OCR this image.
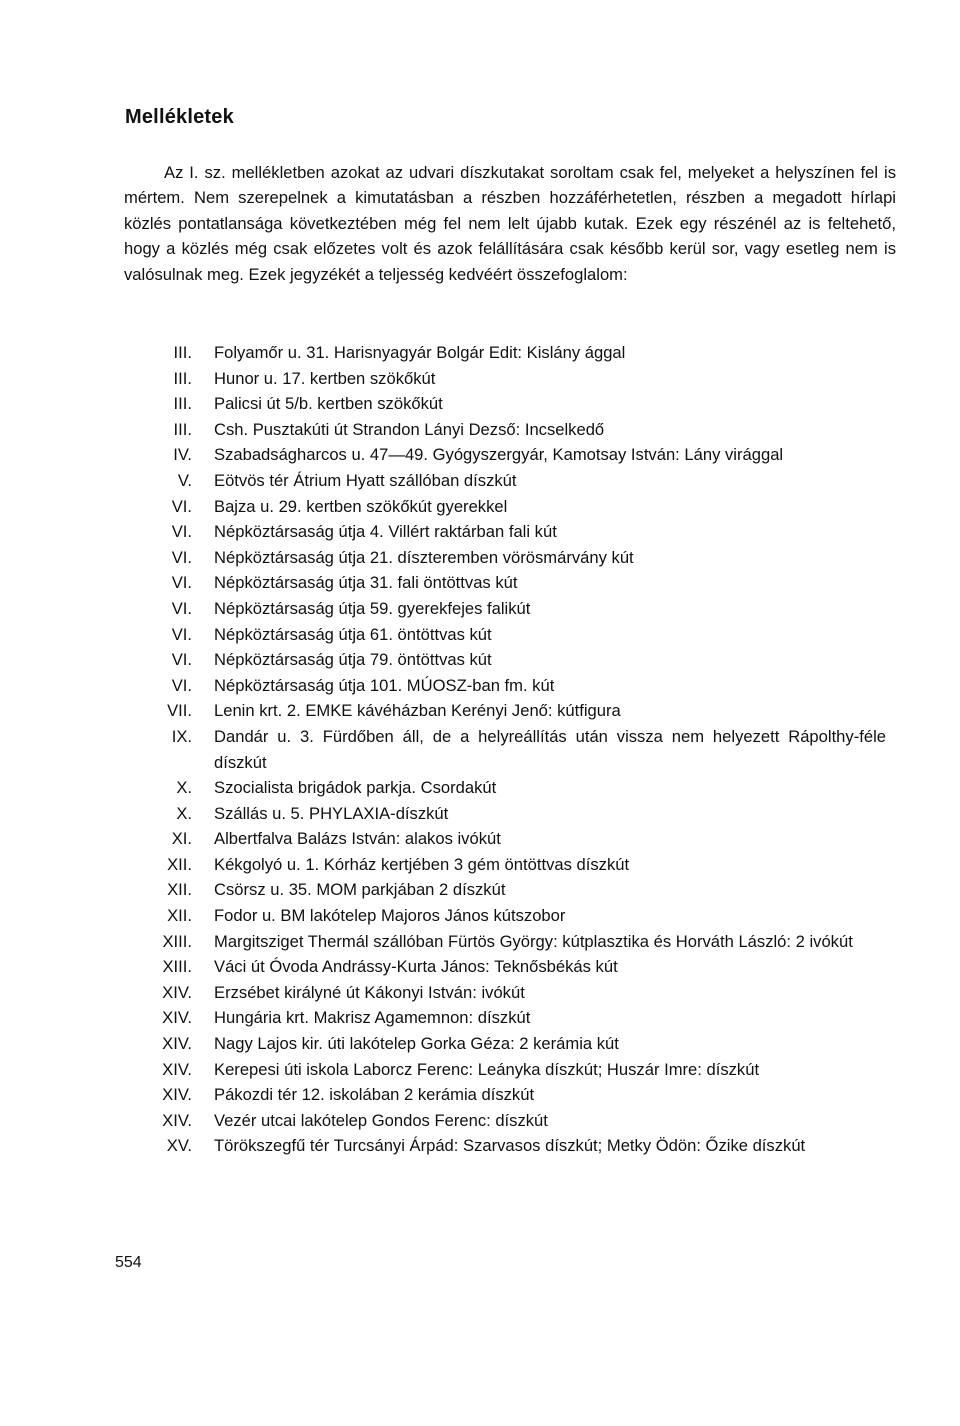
Mellékletek

Az I. sz. mellékletben azokat az udvari díszkutakat soroltam csak fel, melyeket a helyszínen fel is mértem. Nem szerepelnek a kimutatásban a részben hozzáférhetetlen, részben a megadott hírlapi közlés pontatlansága következtében még fel nem lelt újabb kutak. Ezek egy részénél az is feltehető, hogy a közlés még csak előzetes volt és azok felállítására csak később kerül sor, vagy esetleg nem is valósulnak meg. Ezek jegyzékét a teljesség kedvéért összefoglalom:

III. Folyamőr u. 31. Harisnyagyár Bolgár Edit: Kislány ággal
III. Hunor u. 17. kertben szökőkút
III. Palicsi út 5/b. kertben szökőkút
III. Csh. Pusztakúti út Strandon Lányi Dezső: Incselkedő
IV. Szabadságharcos u. 47—49. Gyógyszergyár, Kamotsay István: Lány virággal
V. Eötvös tér Átrium Hyatt szállóban díszkút
VI. Bajza u. 29. kertben szökőkút gyerekkel
VI. Népköztársaság útja 4. Villért raktárban fali kút
VI. Népköztársaság útja 21. díszteremben vörösmárvány kút
VI. Népköztársaság útja 31. fali öntöttvas kút
VI. Népköztársaság útja 59. gyerekfejes falikút
VI. Népköztársaság útja 61. öntöttvas kút
VI. Népköztársaság útja 79. öntöttvas kút
VI. Népköztársaság útja 101. MÚOSZ-ban fm. kút
VII. Lenin krt. 2. EMKE kávéházban Kerényi Jenő: kútfigura
IX. Dandár u. 3. Fürdőben áll, de a helyreállítás után vissza nem helyezett Rápolthy-féle díszkút
X. Szocialista brigádok parkja. Csordakút
X. Szállás u. 5. PHYLAXIA-díszkút
XI. Albertfalva Balázs István: alakos ivókút
XII. Kékgolyó u. 1. Kórház kertjében 3 gém öntöttvas díszkút
XII. Csörsz u. 35. MOM parkjában 2 díszkút
XII. Fodor u. BM lakótelep Majoros János kútszobor
XIII. Margitsziget Thermál szállóban Fürtös György: kútplasztika és Horváth László: 2 ivókút
XIII. Váci út Óvoda Andrássy-Kurta János: Teknősbékás kút
XIV. Erzsébet királyné út Kákonyi István: ivókút
XIV. Hungária krt. Makrisz Agamemnon: díszkút
XIV. Nagy Lajos kir. úti lakótelep Gorka Géza: 2 kerámia kút
XIV. Kerepesi úti iskola Laborcz Ferenc: Leányka díszkút; Huszár Imre: díszkút
XIV. Pákozdi tér 12. iskolában 2 kerámia díszkút
XIV. Vezér utcai lakótelep Gondos Ferenc: díszkút
XV. Törökszegfű tér Turcsányi Árpád: Szarvasos díszkút; Metky Ödön: Őzike díszkút
554
